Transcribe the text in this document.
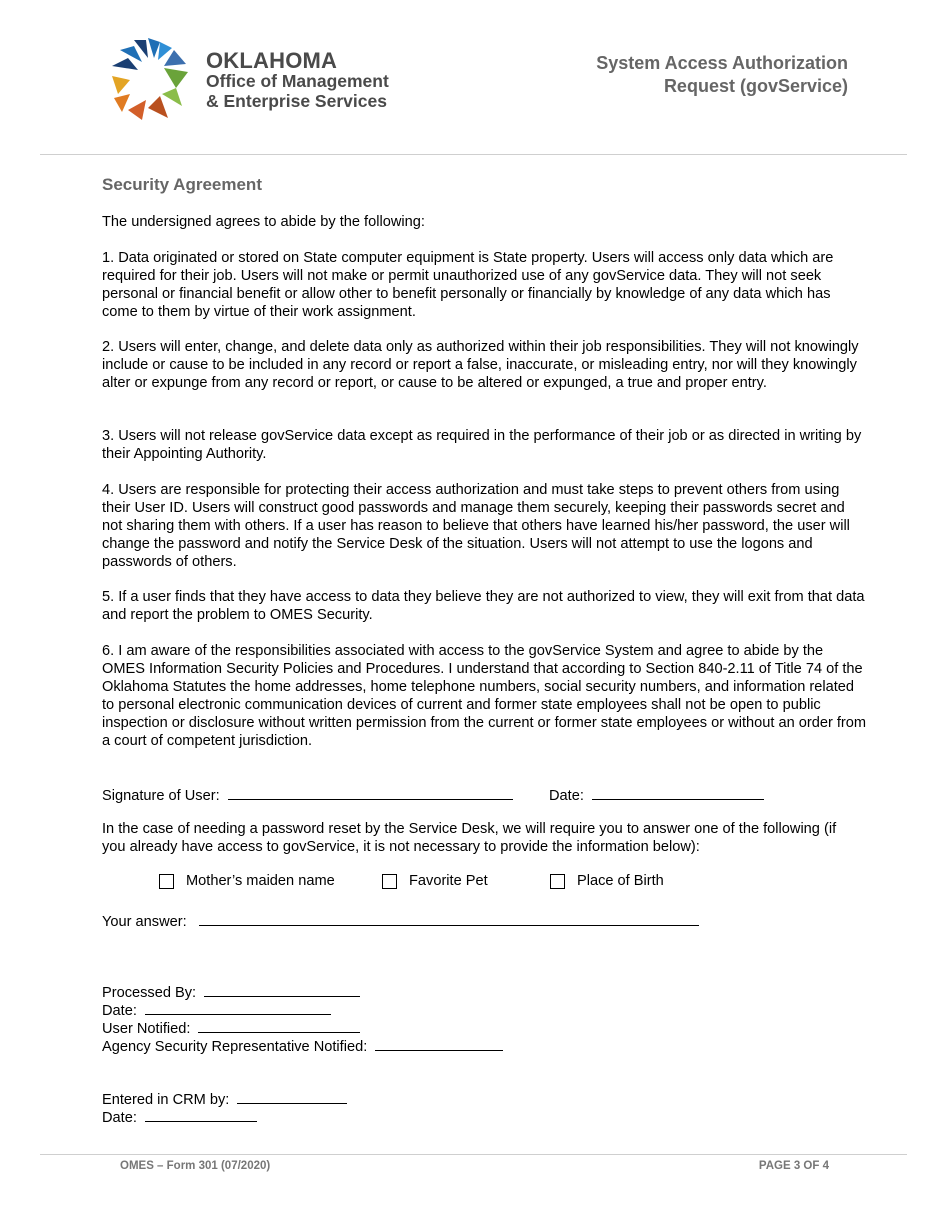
OKLAHOMA
Office of Management
& Enterprise Services
System Access Authorization
Request (govService)
Security Agreement

The undersigned agrees to abide by the following:

1. Data originated or stored on State computer equipment is State property. Users will access only data which are required for their job. Users will not make or permit unauthorized use of any govService data. They will not seek personal or financial benefit or allow other to benefit personally or financially by knowledge of any data which has come to them by virtue of their work assignment.

2. Users will enter, change, and delete data only as authorized within their job responsibilities. They will not knowingly include or cause to be included in any record or report a false, inaccurate, or misleading entry, nor will they knowingly alter or expunge from any record or report, or cause to be altered or expunged, a true and proper entry.

3. Users will not release govService data except as required in the performance of their job or as directed in writing by their Appointing Authority.

4. Users are responsible for protecting their access authorization and must take steps to prevent others from using their User ID. Users will construct good passwords and manage them securely, keeping their passwords secret and not sharing them with others. If a user has reason to believe that others have learned his/her password, the user will change the password and notify the Service Desk of the situation. Users will not attempt to use the logons and passwords of others.

5. If a user finds that they have access to data they believe they are not authorized to view, they will exit from that data and report the problem to OMES Security.

6. I am aware of the responsibilities associated with access to the govService System and agree to abide by the OMES Information Security Policies and Procedures. I understand that according to Section 840-2.11 of Title 74 of the Oklahoma Statutes the home addresses, home telephone numbers, social security numbers, and information related to personal electronic communication devices of current and former state employees shall not be open to public inspection or disclosure without written permission from the current or former state employees or without an order from a court of competent jurisdiction.

Signature of User:	Date:

In the case of needing a password reset by the Service Desk, we will require you to answer one of the following (if you already have access to govService, it is not necessary to provide the information below):

Mother’s maiden name	Favorite Pet	Place of Birth
Your answer:
Processed By:
Date:
User Notified:
Agency Security Representative Notified:
Entered in CRM by:
Date:
OMES – Form 301 (07/2020)	PAGE 3 OF 4
